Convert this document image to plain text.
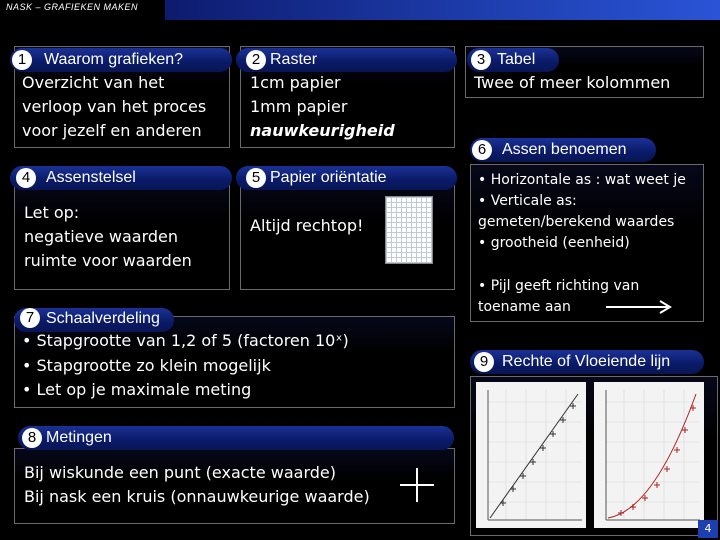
NASK – GRAFIEKEN MAKEN
1	Waarom grafieken?
Overzicht van het
verloop van het proces
voor jezelf en anderen
2 Raster
1cm papier
1mm papier
nauwkeurigheid
3 Tabel
Twee of meer kolommen
4 Assenstelsel
Let op:
negatieve waarden
ruimte voor waarden
5 Papier oriëntatie
Altijd rechtop!
6 Assen benoemen
• Horizontale as : wat weet je
• Verticale as:
gemeten/berekend waardes
• grootheid (eenheid)
• Pijl geeft richting van
toename aan
7 Schaalverdeling
• Stapgrootte van 1,2 of 5 (factoren 10ˣ)
• Stapgrootte zo klein mogelijk
• Let op je maximale meting
8 Metingen
Bij wiskunde een punt (exacte waarde)
Bij nask een kruis (onnauwkeurige waarde)
9 Rechte of Vloeiende lijn
4
